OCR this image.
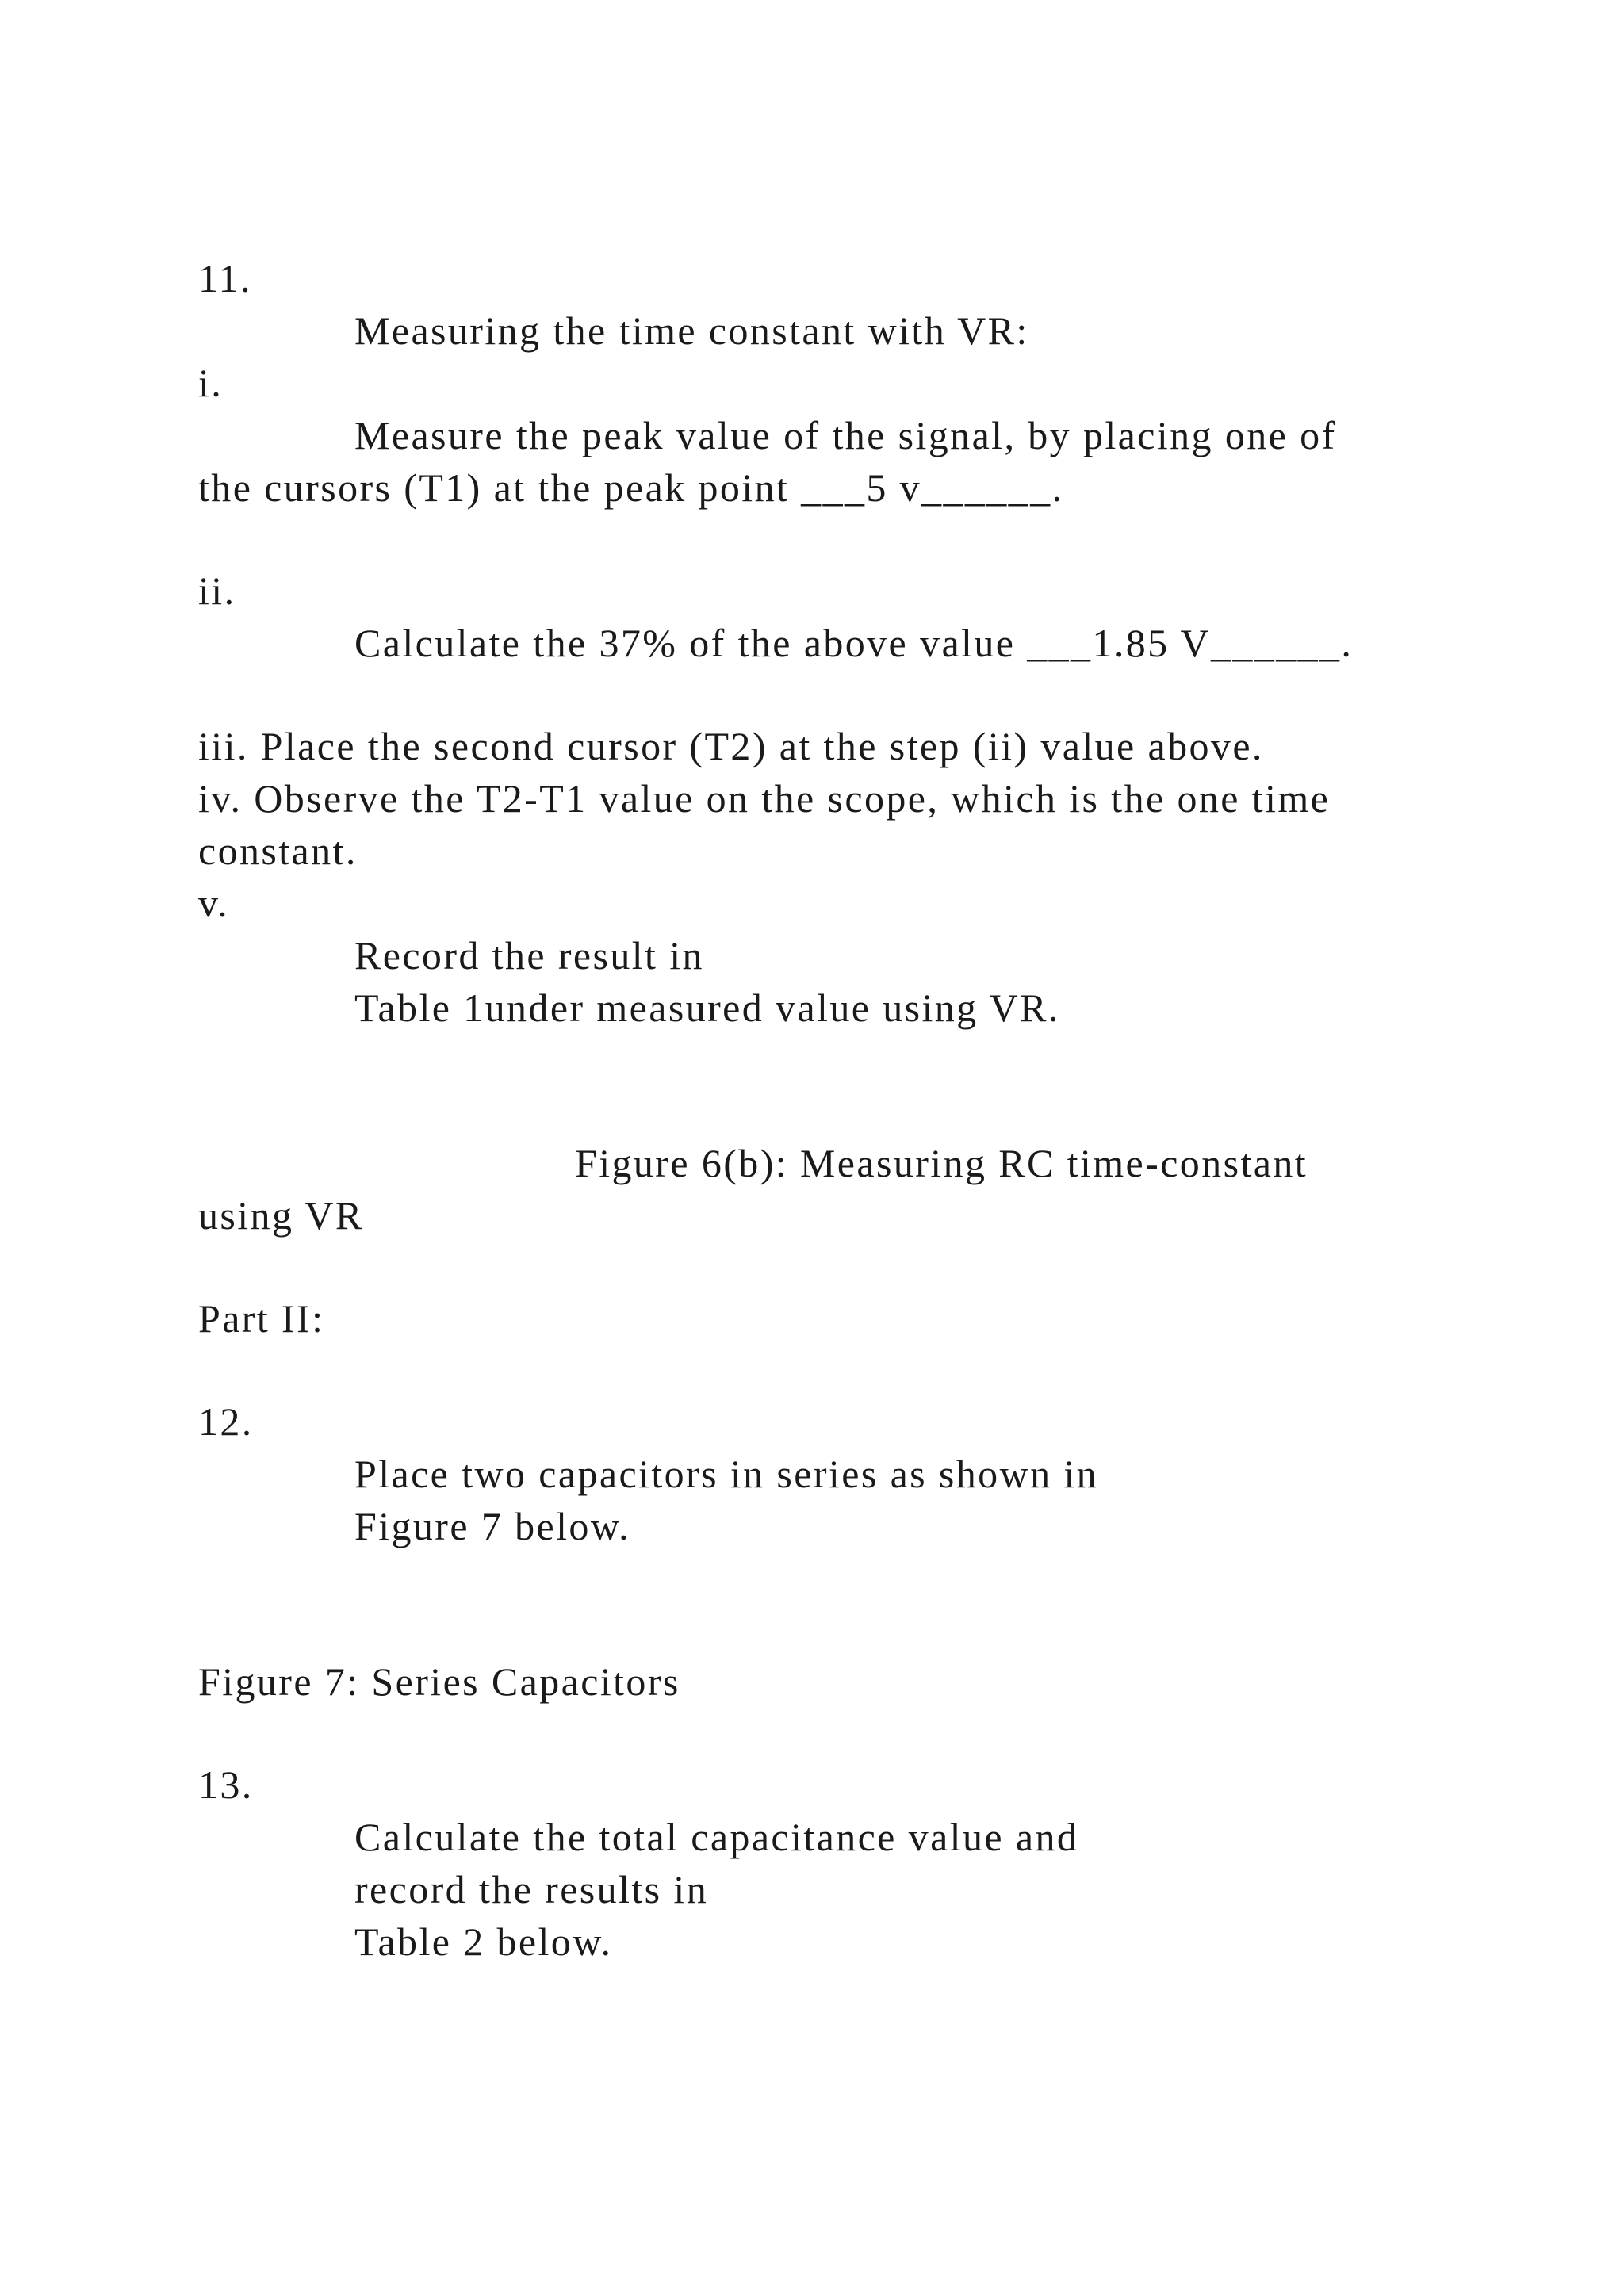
11.
Measuring the time constant with VR:
i.
Measure the peak value of the signal, by placing one of
the cursors (T1) at the peak point ___5 v______.
ii.
Calculate the 37% of the above value ___1.85 V______.
iii. Place the second cursor (T2) at the step (ii) value above.
iv. Observe the T2-T1 value on the scope, which is the one time
constant.
v.
Record the result in
Table 1under measured value using VR.
Figure 6(b): Measuring RC time-constant
using VR
Part II:
12.
Place two capacitors in series as shown in
Figure 7 below.
Figure 7: Series Capacitors
13.
Calculate the total capacitance value and
record the results in
Table 2 below.
